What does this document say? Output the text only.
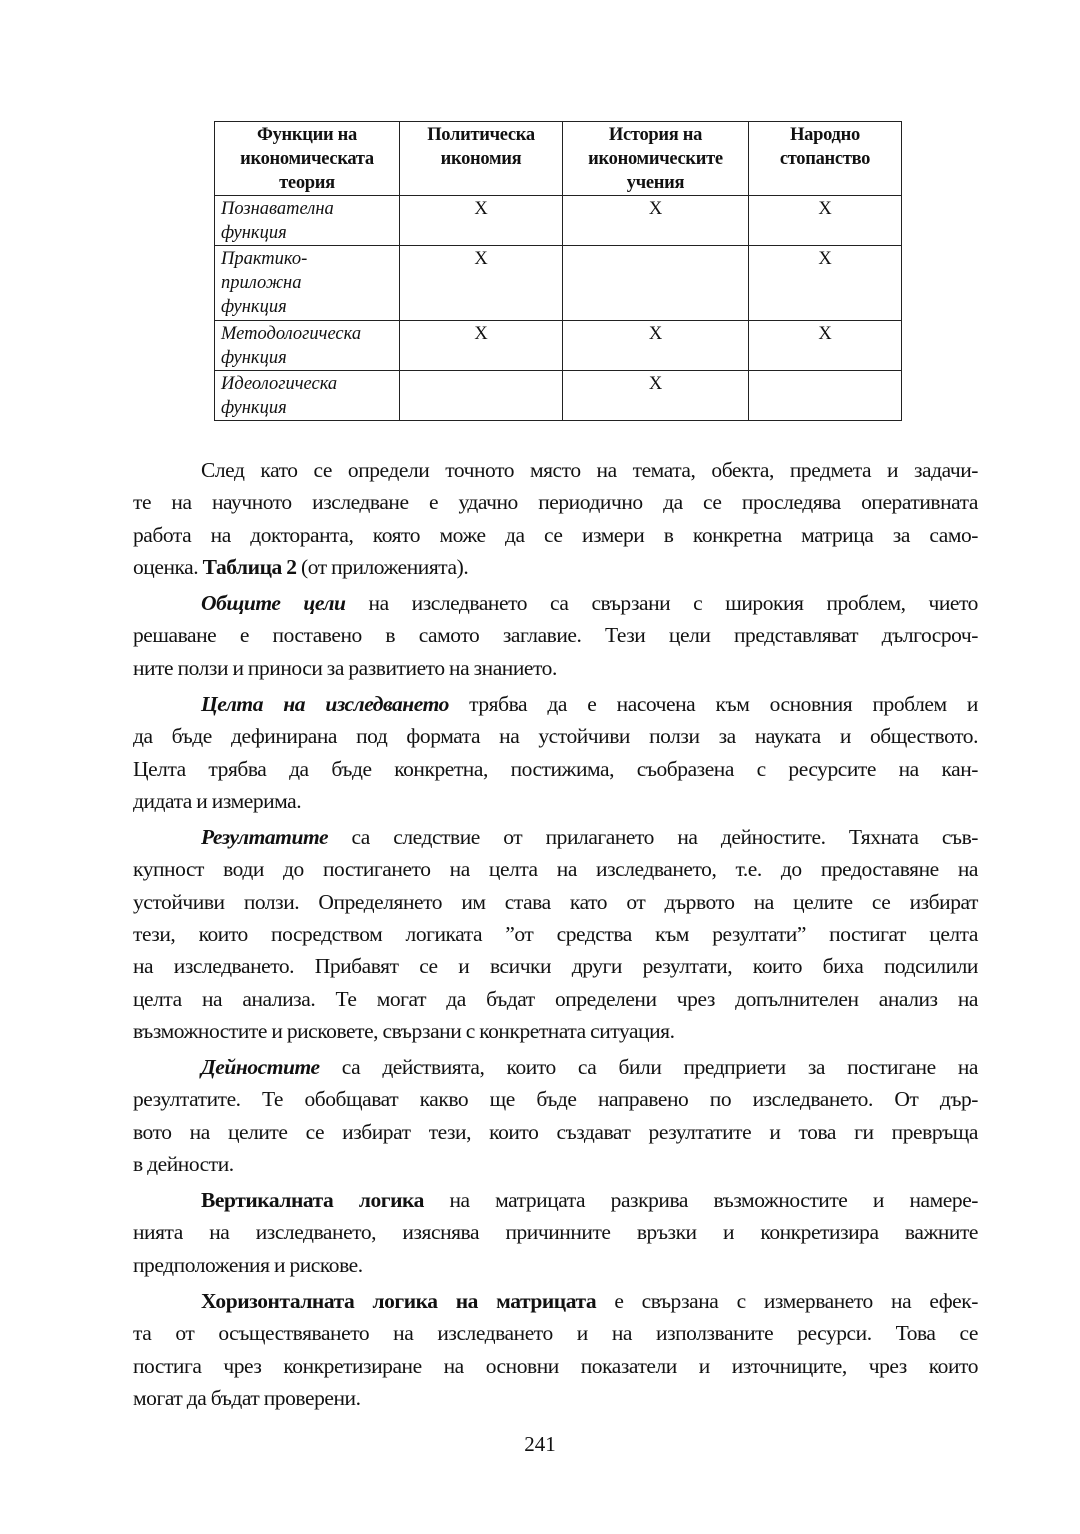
Функции на икономическата теория	Политическа икономия	История на икономическите учения	Народно стопанство
Познавателна функция	X	X	X

Практико-приложна функция	X		X
Методологическа функция	X	X	X
Идеологическа функция		X	
След като се определи точното място на темата, обекта, предмета и задачи-
те на научното изследване е удачно периодично да се проследява оперативната
работа на докторанта, която може да се измери в конкретна матрица за само-
оценка. Таблица 2 (от приложенията).
Общите цели на изследването са свързани с широкия проблем, чието
решаване е поставено в самото заглавие. Тези цели представляват дългосроч-
ните ползи и приноси за развитието на знанието.
Целта на изследването трябва да е насочена към основния проблем и
да бъде дефинирана под формата на устойчиви ползи за науката и обществото.
Целта трябва да бъде конкретна, постижима, съобразена с ресурсите на кан-
дидата и измерима.
Резултатите са следствие от прилагането на дейностите. Тяхната съв-
купност води до постигането на целта на изследването, т.е. до предоставяне на
устойчиви ползи. Определянето им става като от дървото на целите се избират
тези, които посредством логиката ”от средства към резултати” постигат целта
на изследването. Прибавят се и всички други резултати, които биха подсилили
целта на анализа. Те могат да бъдат определени чрез допълнителен анализ на
възможностите и рисковете, свързани с конкретната ситуация.
Дейностите са действията, които са били предприети за постигане на
резултатите. Те обобщават какво ще бъде направено по изследването. От дър-
вото на целите се избират тези, които създават резултатите и това ги превръща
в дейности.
Вертикалната логика на матрицата разкрива възможностите и намере-
нията на изследването, изяснява причинните връзки и конкретизира важните
предположения и рискове.
Хоризонталната логика на матрицата е свързана с измерването на ефек-
та от осъществяването на изследването и на използваните ресурси. Това се
постига чрез конкретизиране на основни показатели и източниците, чрез които
могат да бъдат проверени.
241
